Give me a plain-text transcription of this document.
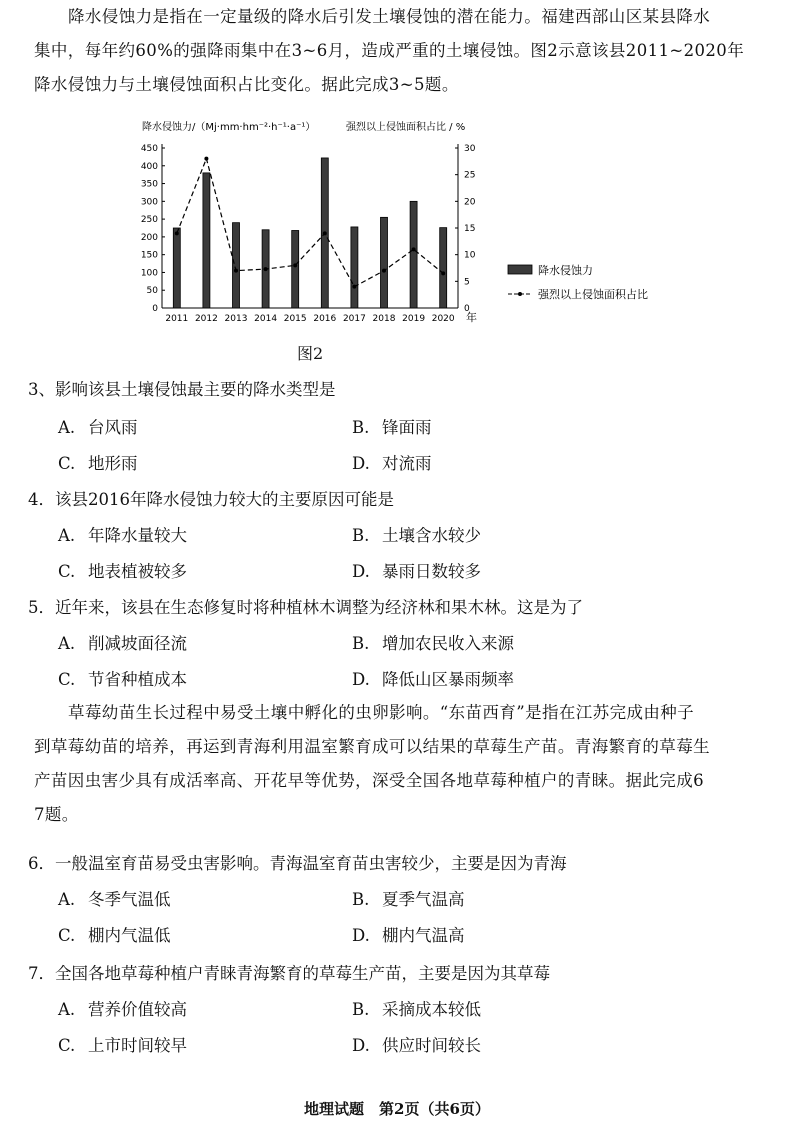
降水侵蚀力是指在一定量级的降水后引发土壤侵蚀的潜在能力。福建西部山区某县降水
集中，每年约60%的强降雨集中在3~6月，造成严重的土壤侵蚀。图2示意该县2011~2020年
降水侵蚀力与土壤侵蚀面积占比变化。据此完成3~5题。
降水侵蚀力/（Mj·mm·hm⁻²·h⁻¹·a⁻¹）	强烈以上侵蚀面积占比 / %
0
50
100
150
200
250
300
350
400
450
0
5
10
15
20
25
30
2011 2012 2013 2014 2015 2016 2017 2018 2019 2020 年
降水侵蚀力
强烈以上侵蚀面积占比
图2
3、影响该县土壤侵蚀最主要的降水类型是
A. 台风雨	B. 锋面雨
C. 地形雨	D. 对流雨
4．该县2016年降水侵蚀力较大的主要原因可能是
A. 年降水量较大	B. 土壤含水较少
C. 地表植被较多	D. 暴雨日数较多
5．近年来，该县在生态修复时将种植林木调整为经济林和果木林。这是为了
A. 削减坡面径流	B. 增加农民收入来源
C. 节省种植成本	D. 降低山区暴雨频率
草莓幼苗生长过程中易受土壤中孵化的虫卵影响。“东苗西育”是指在江苏完成由种子
到草莓幼苗的培养，再运到青海利用温室繁育成可以结果的草莓生产苗。青海繁育的草莓生
产苗因虫害少具有成活率高、开花早等优势，深受全国各地草莓种植户的青睐。据此完成6
7题。
6．一般温室育苗易受虫害影响。青海温室育苗虫害较少，主要是因为青海
A. 冬季气温低	B. 夏季气温高
C. 棚内气温低	D. 棚内气温高
7．全国各地草莓种植户青睐青海繁育的草莓生产苗，主要是因为其草莓
A. 营养价值较高	B. 采摘成本较低
C. 上市时间较早	D. 供应时间较长
地理试题　第2页（共6页）
